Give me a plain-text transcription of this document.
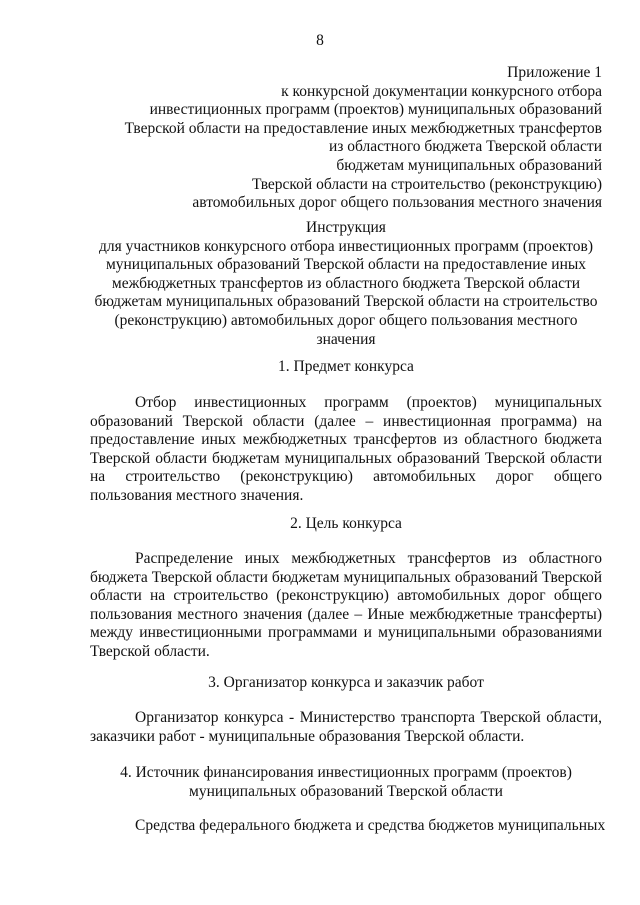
8
Приложение 1
к конкурсной документации конкурсного отбора
инвестиционных программ (проектов) муниципальных образований
Тверской области на предоставление иных межбюджетных трансфертов
из областного бюджета Тверской области
бюджетам муниципальных образований
Тверской области на строительство (реконструкцию)
автомобильных дорог общего пользования местного значения
Инструкция
для участников конкурсного отбора инвестиционных программ (проектов)
муниципальных образований Тверской области на предоставление иных
межбюджетных трансфертов из областного бюджета Тверской области
бюджетам муниципальных образований Тверской области на строительство
(реконструкцию) автомобильных дорог общего пользования местного
значения
1. Предмет конкурса
Отбор инвестиционных программ (проектов) муниципальных
образований Тверской области (далее – инвестиционная программа) на
предоставление иных межбюджетных трансфертов из областного бюджета
Тверской области бюджетам муниципальных образований Тверской области
на строительство (реконструкцию) автомобильных дорог общего
пользования местного значения.
2. Цель конкурса
Распределение иных межбюджетных трансфертов из областного
бюджета Тверской области бюджетам муниципальных образований Тверской
области на строительство (реконструкцию) автомобильных дорог общего
пользования местного значения (далее – Иные межбюджетные трансферты)
между инвестиционными программами и муниципальными образованиями
Тверской области.
3. Организатор конкурса и заказчик работ
Организатор конкурса - Министерство транспорта Тверской области,
заказчики работ - муниципальные образования Тверской области.
4. Источник финансирования инвестиционных программ (проектов)
муниципальных образований Тверской области
Средства федерального бюджета и средства бюджетов муниципальных
